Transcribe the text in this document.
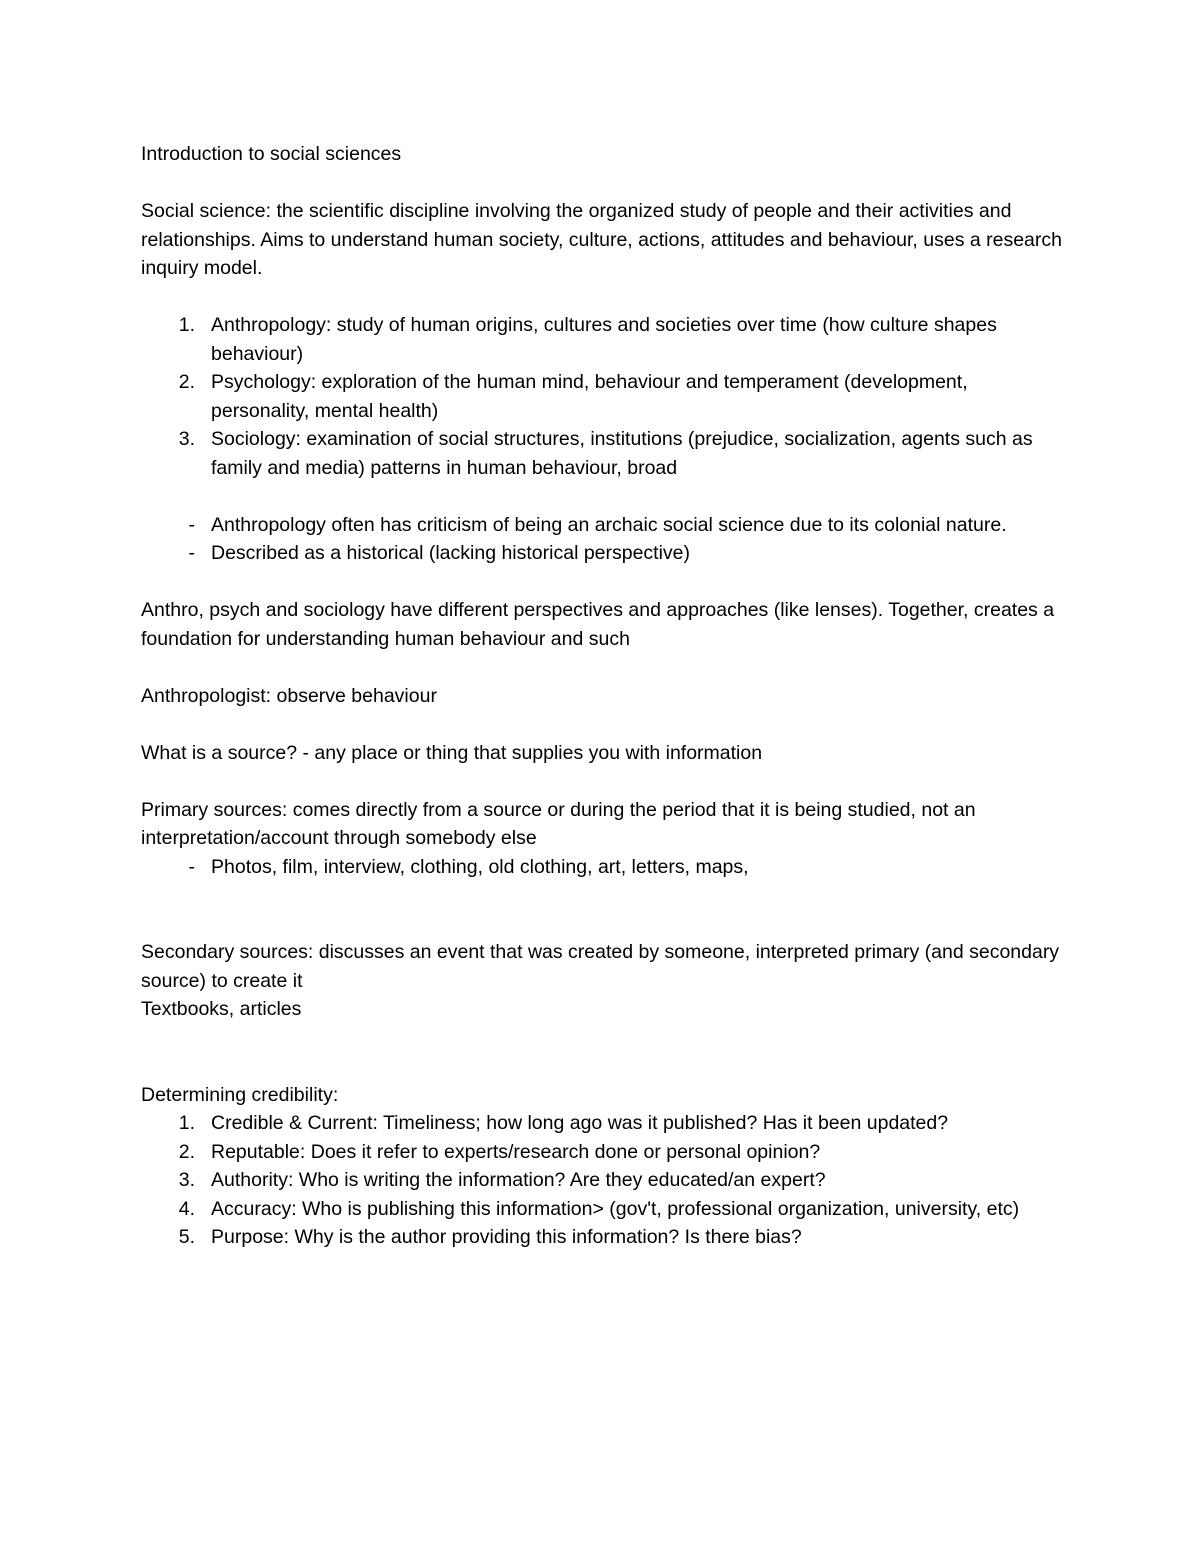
Introduction to social sciences

Social science: the scientific discipline involving the organized study of people and their activities and relationships. Aims to understand human society, culture, actions, attitudes and behaviour, uses a research inquiry model.

1. Anthropology: study of human origins, cultures and societies over time (how culture shapes behaviour)
2. Psychology: exploration of the human mind, behaviour and temperament (development, personality, mental health)
3. Sociology: examination of social structures, institutions (prejudice, socialization, agents such as family and media) patterns in human behaviour, broad
- Anthropology often has criticism of being an archaic social science due to its colonial nature.
- Described as a historical (lacking historical perspective)

Anthro, psych and sociology have different perspectives and approaches (like lenses). Together, creates a foundation for understanding human behaviour and such

Anthropologist: observe behaviour

What is a source? - any place or thing that supplies you with information

Primary sources: comes directly from a source or during the period that it is being studied, not an interpretation/account through somebody else

- Photos, film, interview, clothing, old clothing, art, letters, maps,

Secondary sources: discusses an event that was created by someone, interpreted primary (and secondary source) to create it

Textbooks, articles

Determining credibility:

1. Credible & Current: Timeliness; how long ago was it published? Has it been updated?
2. Reputable: Does it refer to experts/research done or personal opinion?
3. Authority: Who is writing the information? Are they educated/an expert?
4. Accuracy: Who is publishing this information> (gov't, professional organization, university, etc)
5. Purpose: Why is the author providing this information? Is there bias?
